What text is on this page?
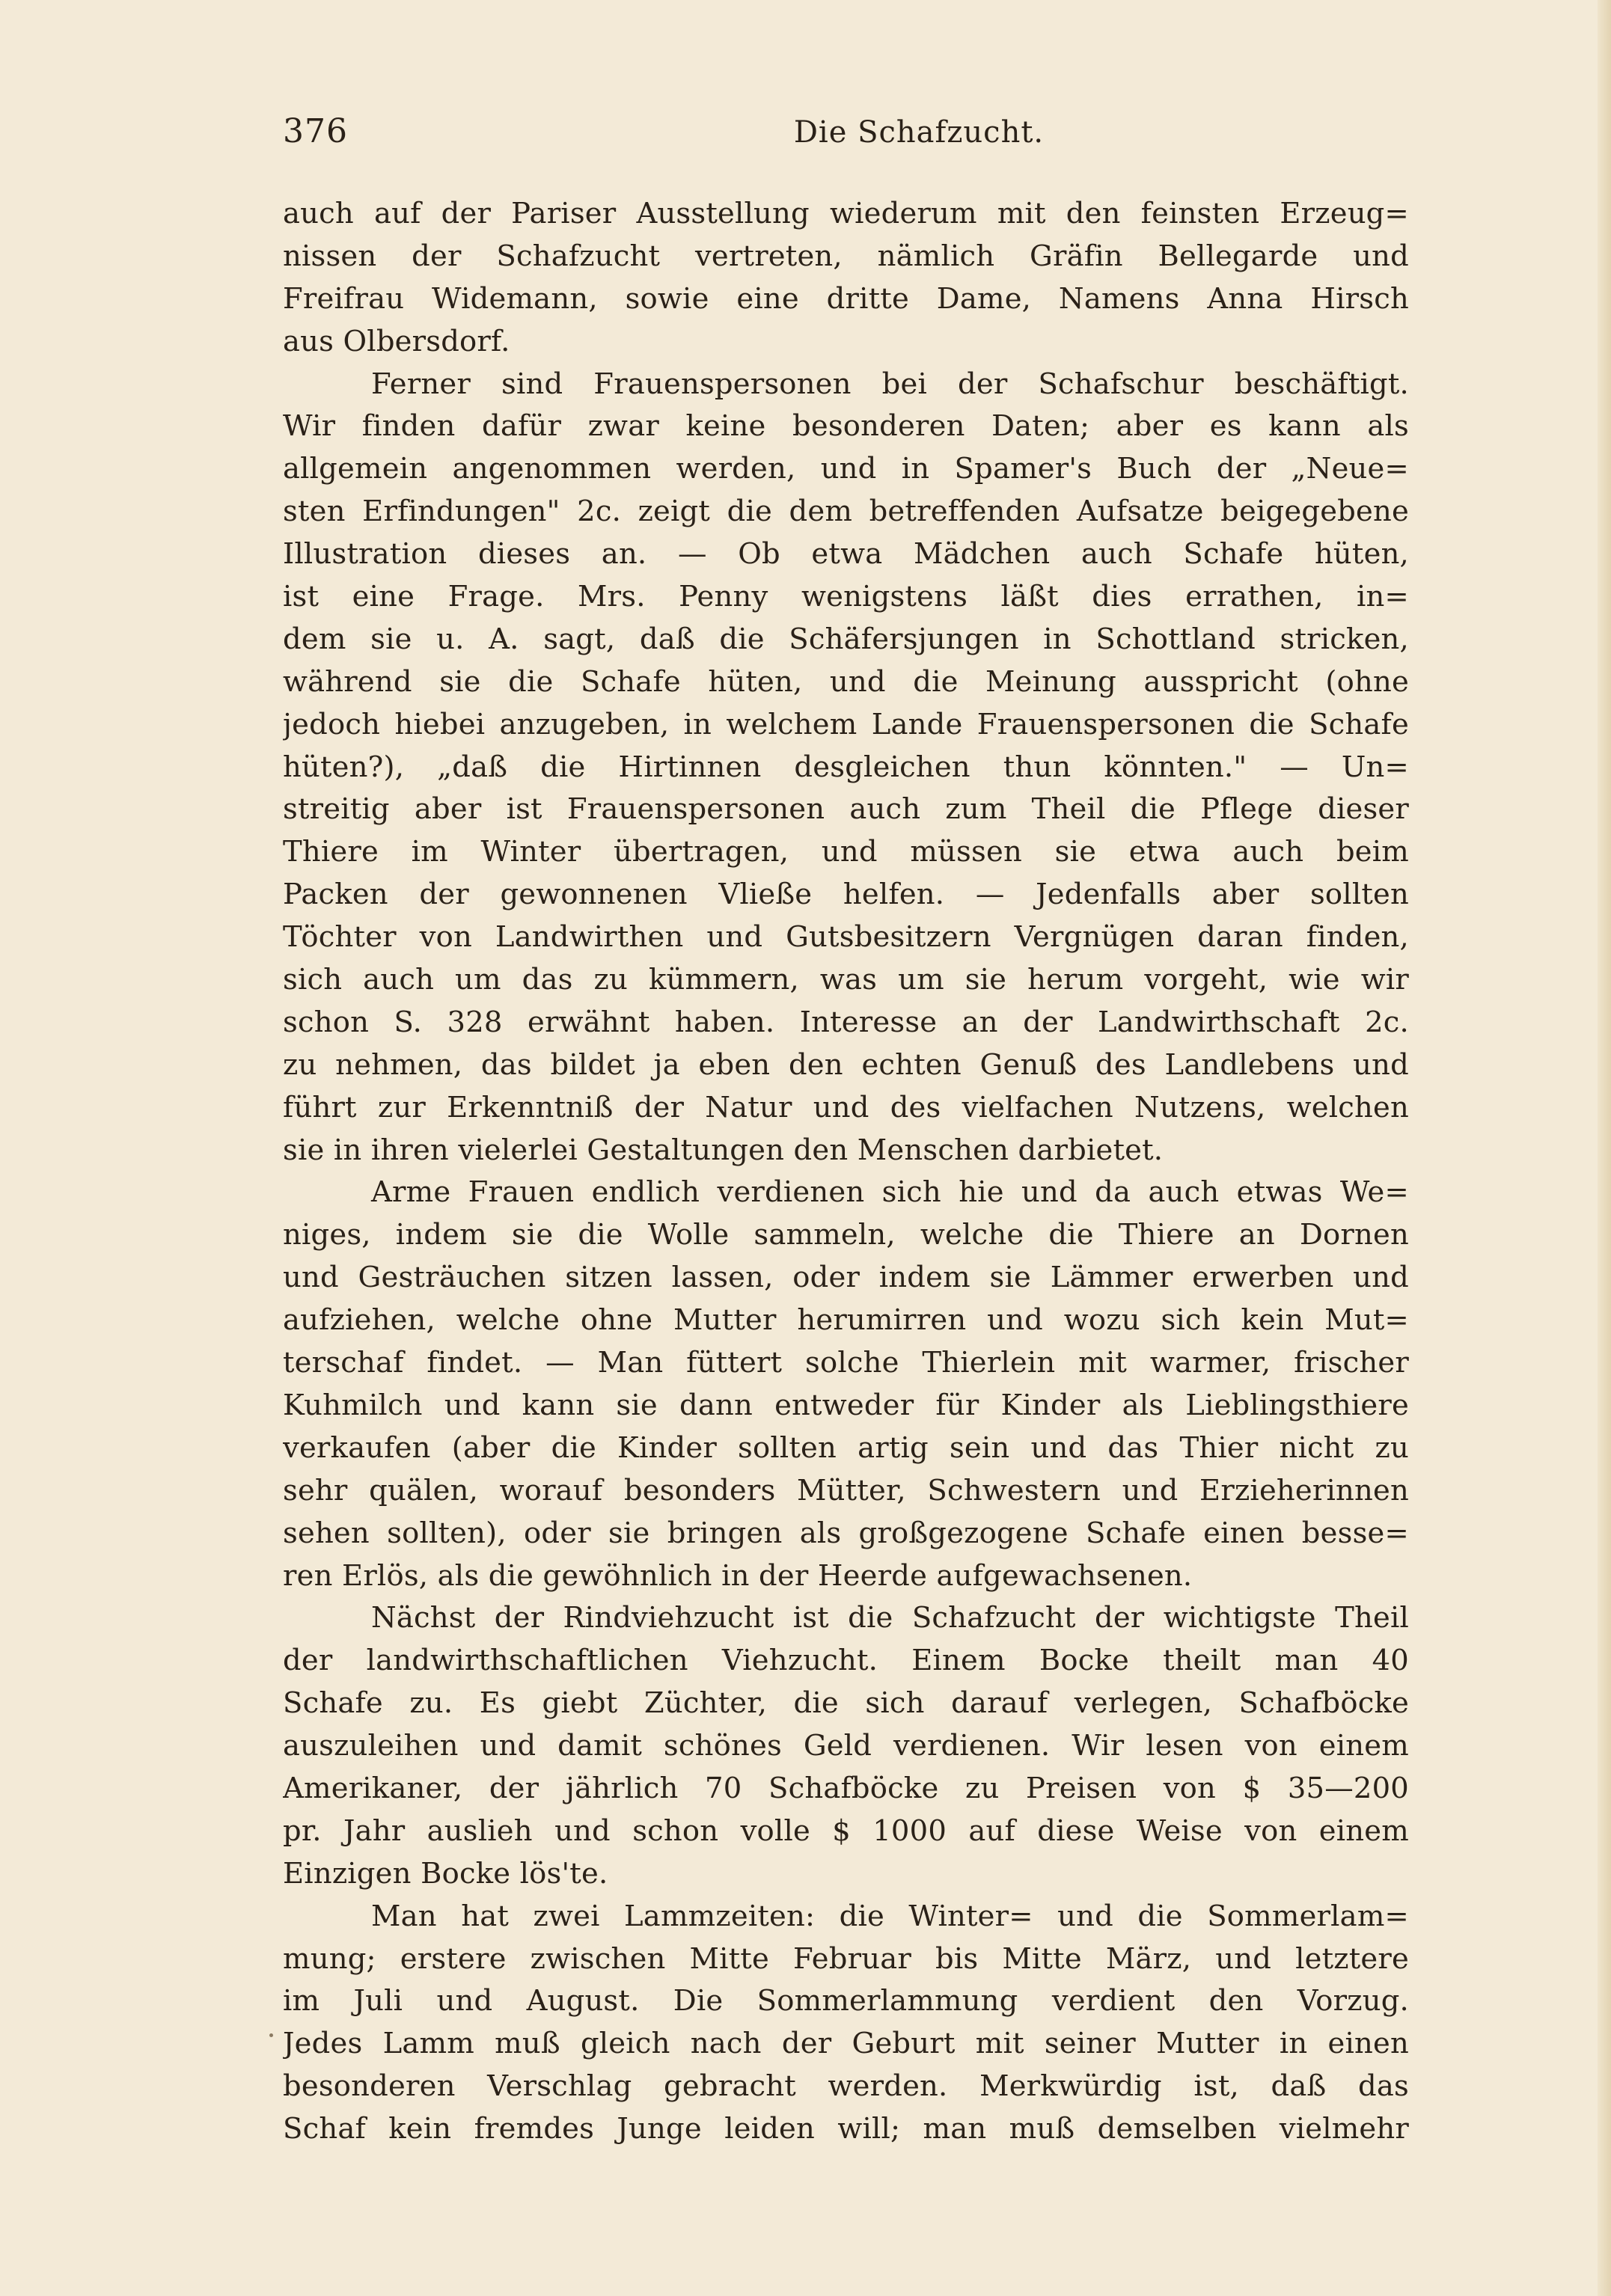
376	Die Schafzucht.
auch auf der Pariser Ausstellung wiederum mit den feinsten Erzeug=
nissen der Schafzucht vertreten, nämlich Gräfin Bellegarde und
Freifrau Widemann, sowie eine dritte Dame, Namens Anna Hirsch
aus Olbersdorf.
Ferner sind Frauenspersonen bei der Schafschur beschäftigt.
Wir finden dafür zwar keine besonderen Daten; aber es kann als
allgemein angenommen werden, und in Spamer's Buch der „Neue=
sten Erfindungen" 2c. zeigt die dem betreffenden Aufsatze beigegebene
Illustration dieses an. — Ob etwa Mädchen auch Schafe hüten,
ist eine Frage. Mrs. Penny wenigstens läßt dies errathen, in=
dem sie u. A. sagt, daß die Schäfersjungen in Schottland stricken,
während sie die Schafe hüten, und die Meinung ausspricht (ohne
jedoch hiebei anzugeben, in welchem Lande Frauenspersonen die Schafe
hüten?), „daß die Hirtinnen desgleichen thun könnten." — Un=
streitig aber ist Frauenspersonen auch zum Theil die Pflege dieser
Thiere im Winter übertragen, und müssen sie etwa auch beim
Packen der gewonnenen Vließe helfen. — Jedenfalls aber sollten
Töchter von Landwirthen und Gutsbesitzern Vergnügen daran finden,
sich auch um das zu kümmern, was um sie herum vorgeht, wie wir
schon S. 328 erwähnt haben. Interesse an der Landwirthschaft 2c.
zu nehmen, das bildet ja eben den echten Genuß des Landlebens und
führt zur Erkenntniß der Natur und des vielfachen Nutzens, welchen
sie in ihren vielerlei Gestaltungen den Menschen darbietet.
Arme Frauen endlich verdienen sich hie und da auch etwas We=
niges, indem sie die Wolle sammeln, welche die Thiere an Dornen
und Gesträuchen sitzen lassen, oder indem sie Lämmer erwerben und
aufziehen, welche ohne Mutter herumirren und wozu sich kein Mut=
terschaf findet. — Man füttert solche Thierlein mit warmer, frischer
Kuhmilch und kann sie dann entweder für Kinder als Lieblingsthiere
verkaufen (aber die Kinder sollten artig sein und das Thier nicht zu
sehr quälen, worauf besonders Mütter, Schwestern und Erzieherinnen
sehen sollten), oder sie bringen als großgezogene Schafe einen besse=
ren Erlös, als die gewöhnlich in der Heerde aufgewachsenen.
Nächst der Rindviehzucht ist die Schafzucht der wichtigste Theil
der landwirthschaftlichen Viehzucht. Einem Bocke theilt man 40
Schafe zu. Es giebt Züchter, die sich darauf verlegen, Schafböcke
auszuleihen und damit schönes Geld verdienen. Wir lesen von einem
Amerikaner, der jährlich 70 Schafböcke zu Preisen von $ 35—200
pr. Jahr auslieh und schon volle $ 1000 auf diese Weise von einem
Einzigen Bocke lös'te.
Man hat zwei Lammzeiten: die Winter= und die Sommerlam=
mung; erstere zwischen Mitte Februar bis Mitte März, und letztere
im Juli und August. Die Sommerlammung verdient den Vorzug.
Jedes Lamm muß gleich nach der Geburt mit seiner Mutter in einen
besonderen Verschlag gebracht werden. Merkwürdig ist, daß das
Schaf kein fremdes Junge leiden will; man muß demselben vielmehr
